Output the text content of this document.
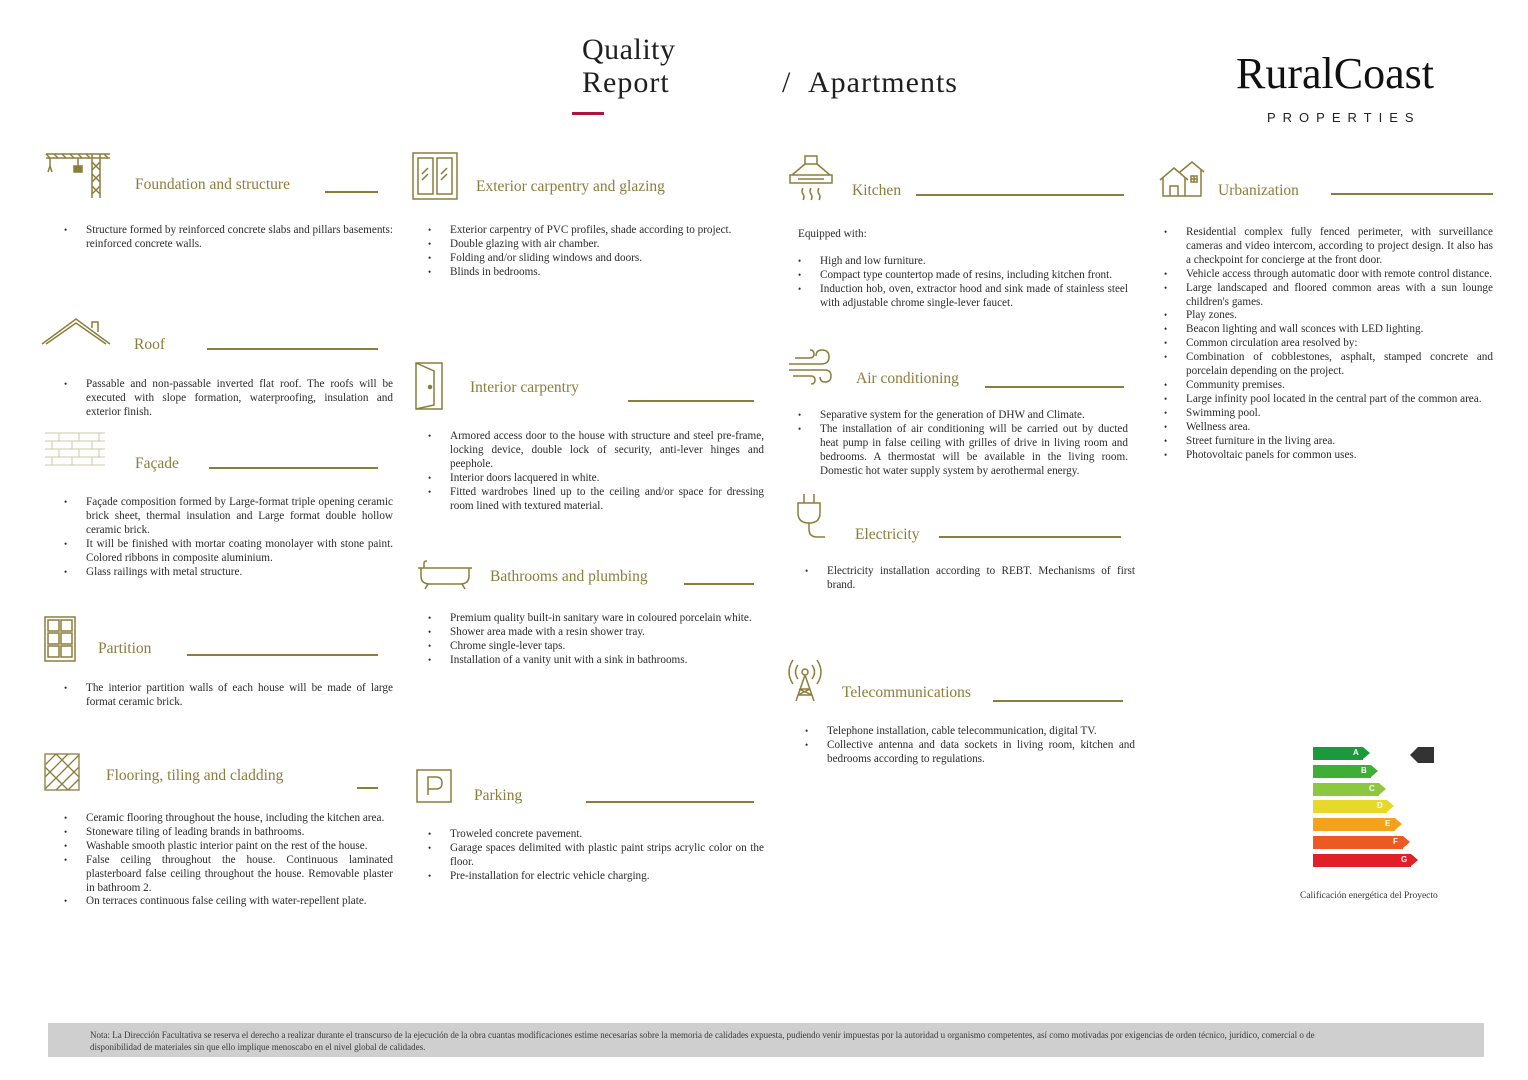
Quality
Report	/ Apartments	RuralCoast
PROPERTIES
Foundation and structure
• Structure formed by reinforced concrete slabs and pillars basements: reinforced concrete walls.
Roof
• Passable and non-passable inverted flat roof. The roofs will be executed with slope formation, waterproofing, insulation and exterior finish.
Façade
• Façade composition formed by Large-format triple opening ceramic brick sheet, thermal insulation and Large format double hollow ceramic brick.
• It will be finished with mortar coating monolayer with stone paint. Colored ribbons in composite aluminium.
• Glass railings with metal structure.
Partition
• The interior partition walls of each house will be made of large format ceramic brick.
Flooring, tiling and cladding
• Ceramic flooring throughout the house, including the kitchen area.
• Stoneware tiling of leading brands in bathrooms.
• Washable smooth plastic interior paint on the rest of the house.
• False ceiling throughout the house. Continuous laminated plasterboard false ceiling throughout the house. Removable plaster in bathroom 2.
• On terraces continuous false ceiling with water-repellent plate.
Exterior carpentry and glazing
• Exterior carpentry of PVC profiles, shade according to project.
• Double glazing with air chamber.
• Folding and/or sliding windows and doors.
• Blinds in bedrooms.
Interior carpentry
• Armored access door to the house with structure and steel pre-frame, locking device, double lock of security, anti-lever hinges and peephole.
• Interior doors lacquered in white.
• Fitted wardrobes lined up to the ceiling and/or space for dressing room lined with textured material.
Bathrooms and plumbing
• Premium quality built-in sanitary ware in coloured porcelain white.
• Shower area made with a resin shower tray.
• Chrome single-lever taps.
• Installation of a vanity unit with a sink in bathrooms.
Parking
• Troweled concrete pavement.
• Garage spaces delimited with plastic paint strips acrylic color on the floor.
• Pre-installation for electric vehicle charging.
Kitchen
Equipped with:
• High and low furniture.
• Compact type countertop made of resins, including kitchen front.
• Induction hob, oven, extractor hood and sink made of stainless steel with adjustable chrome single-lever faucet.
Air conditioning
• Separative system for the generation of DHW and Climate.
• The installation of air conditioning will be carried out by ducted heat pump in false ceiling with grilles of drive in living room and bedrooms. A thermostat will be available in the living room. Domestic hot water supply system by aerothermal energy.
Electricity
• Electricity installation according to REBT. Mechanisms of first brand.
Telecommunications
• Telephone installation, cable telecommunication, digital TV.
• Collective antenna and data sockets in living room, kitchen and bedrooms according to regulations.
Urbanization
• Residential complex fully fenced perimeter, with surveillance cameras and video intercom, according to project design. It also has a checkpoint for concierge at the front door.
• Vehicle access through automatic door with remote control distance.
• Large landscaped and floored common areas with a sun lounge children's games.
• Play zones.
• Beacon lighting and wall sconces with LED lighting.
• Common circulation area resolved by:
• Combination of cobblestones, asphalt, stamped concrete and porcelain depending on the project.
• Community premises.
• Large infinity pool located in the central part of the common area.
• Swimming pool.
• Wellness area.
• Street furniture in the living area.
• Photovoltaic panels for common uses.
A
B
C
D
E
F
G
Calificación energética del Proyecto
Nota: La Dirección Facultativa se reserva el derecho a realizar durante el transcurso de la ejecución de la obra cuantas modificaciones estime necesarias sobre la memoria de calidades expuesta, pudiendo venir impuestas por la autoridad u organismo competentes, así como motivadas por exigencias de orden técnico, jurídico, comercial o de disponibilidad de materiales sin que ello implique menoscabo en el nivel global de calidades.
